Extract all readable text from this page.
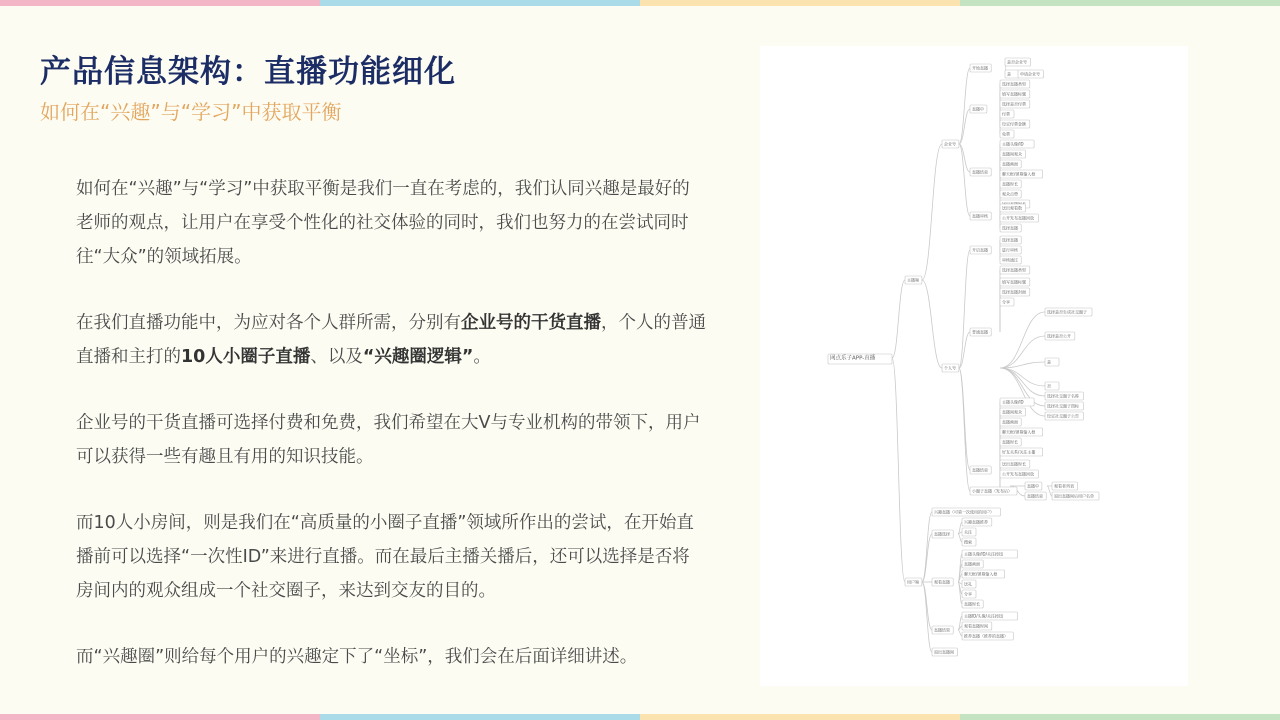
产品信息架构：直播功能细化
如何在“兴趣”与“学习”中获取平衡

如何在“兴趣”与“学习”中获取平衡是我们一直在考虑的，我们认同兴趣是最好的老师的观点，让用户在享受个性化的社交体验的同时，我们也努力的在尝试同时往“大众”的领域拓展。

在我们直播功能中，为应对各个人群所需，分别有企业号的干货直播，个人的普通直播和主打的10人小圈子直播、以及“兴趣圈逻辑”。

企业号的干货直播可选择付费和免费，我们希望在大V与专业机构的带领下，用户可以获得一些有趣且有用的知识技能。

而10人小房间，则是我们在“高质量的小圈子直播”领域所作出的尝试，在开始直播前可以选择“一次性ID”来进行直播。而在最后主播关播后，还可以选择是否将房间内的观众组成一个社交圈子，来达到交友的目的。

而“兴趣圈”则给每个用户的兴趣定下了“坐标”，我们会在后面详细讲述。

网点乐子APP-直播
主播端
用户端
企业号
个人号
开始直播
直播中
直播结束
直播审核
开启直播
普通直播
直播结束
小圈子直播（发布后）
兴趣直播（可第一次使用的用户）
直播选择
观看直播
直播结果
退出直播间
是否企业号
是 申请企业号
选择直播类型
填写直播标题
选择是否付费
付费
设定付费金额
免费
主播头像/ID
直播间观众
直播画面
聊天框/弹幕输入框
直播时长
观众点赞
送出观看数
公开发布直播回放
选择直播
选择直播
进行审核
审核通过
选择直播类型
填写直播标题
选择直播封面
分享
选择是否生成社交圈子
选择是否公开
是
否
选择社交圈子名称
选择社交圈子图标
设定社交圈子公告
主播头像/ID
直播间观众
直播画面
聊天框/弹幕输入框
直播时长
好友关系/关注主播
送出直播时长
公开发布直播回放
直播中
直播结束
观看者列表
退出直播间后用户名单
兴趣直播推荐
关注
搜索
主播头像/ID/关注按钮
直播画面
聊天框/弹幕输入框
送礼
分享
直播时长
主播ID/头像/关注按钮
观看直播时间
推荐直播（推荐的直播）
